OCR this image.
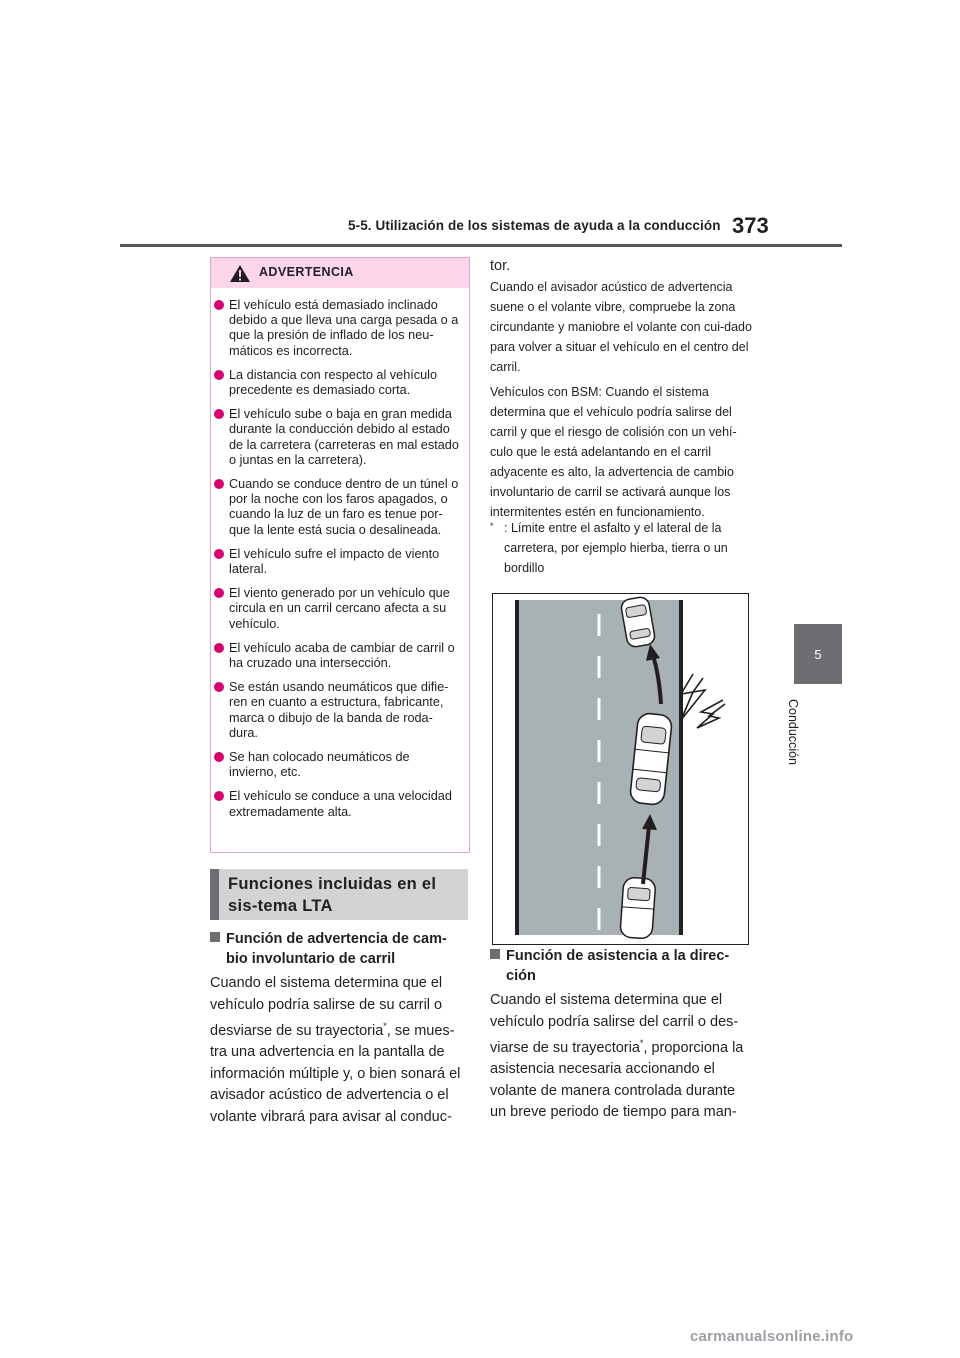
5-5. Utilización de los sistemas de ayuda a la conducción 373
5
Conducción
ADVERTENCIA
El vehículo está demasiado inclinado debido a que lleva una carga pesada o a que la presión de inflado de los neu-máticos es incorrecta.
La distancia con respecto al vehículo precedente es demasiado corta.
El vehículo sube o baja en gran medida durante la conducción debido al estado de la carretera (carreteras en mal estado o juntas en la carretera).
Cuando se conduce dentro de un túnel o por la noche con los faros apagados, o cuando la luz de un faro es tenue por-que la lente está sucia o desalineada.
El vehículo sufre el impacto de viento lateral.
El viento generado por un vehículo que circula en un carril cercano afecta a su vehículo.
El vehículo acaba de cambiar de carril o ha cruzado una intersección.
Se están usando neumáticos que difie-ren en cuanto a estructura, fabricante, marca o dibujo de la banda de roda-dura.
Se han colocado neumáticos de invierno, etc.
El vehículo se conduce a una velocidad extremadamente alta.
Funciones incluidas en el sis-tema LTA
Función de advertencia de cam-
bio involuntario de carril
Cuando el sistema determina que el vehículo podría salirse de su carril o desviarse de su trayectoria*, se mues-tra una advertencia en la pantalla de información múltiple y, o bien sonará el avisador acústico de advertencia o el volante vibrará para avisar al conduc-
tor.
Cuando el avisador acústico de advertencia suene o el volante vibre, compruebe la zona circundante y maniobre el volante con cui-dado para volver a situar el vehículo en el centro del carril.
Vehículos con BSM: Cuando el sistema determina que el vehículo podría salirse del carril y que el riesgo de colisión con un vehí-culo que le está adelantando en el carril adyacente es alto, la advertencia de cambio involuntario de carril se activará aunque los intermitentes estén en funcionamiento.
* : Límite entre el asfalto y el lateral de la carretera, por ejemplo hierba, tierra o un bordillo
Función de asistencia a la direc-
ción
Cuando el sistema determina que el vehículo podría salirse del carril o des-viarse de su trayectoria*, proporciona la asistencia necesaria accionando el volante de manera controlada durante un breve periodo de tiempo para man-
carmanualsonline.info
